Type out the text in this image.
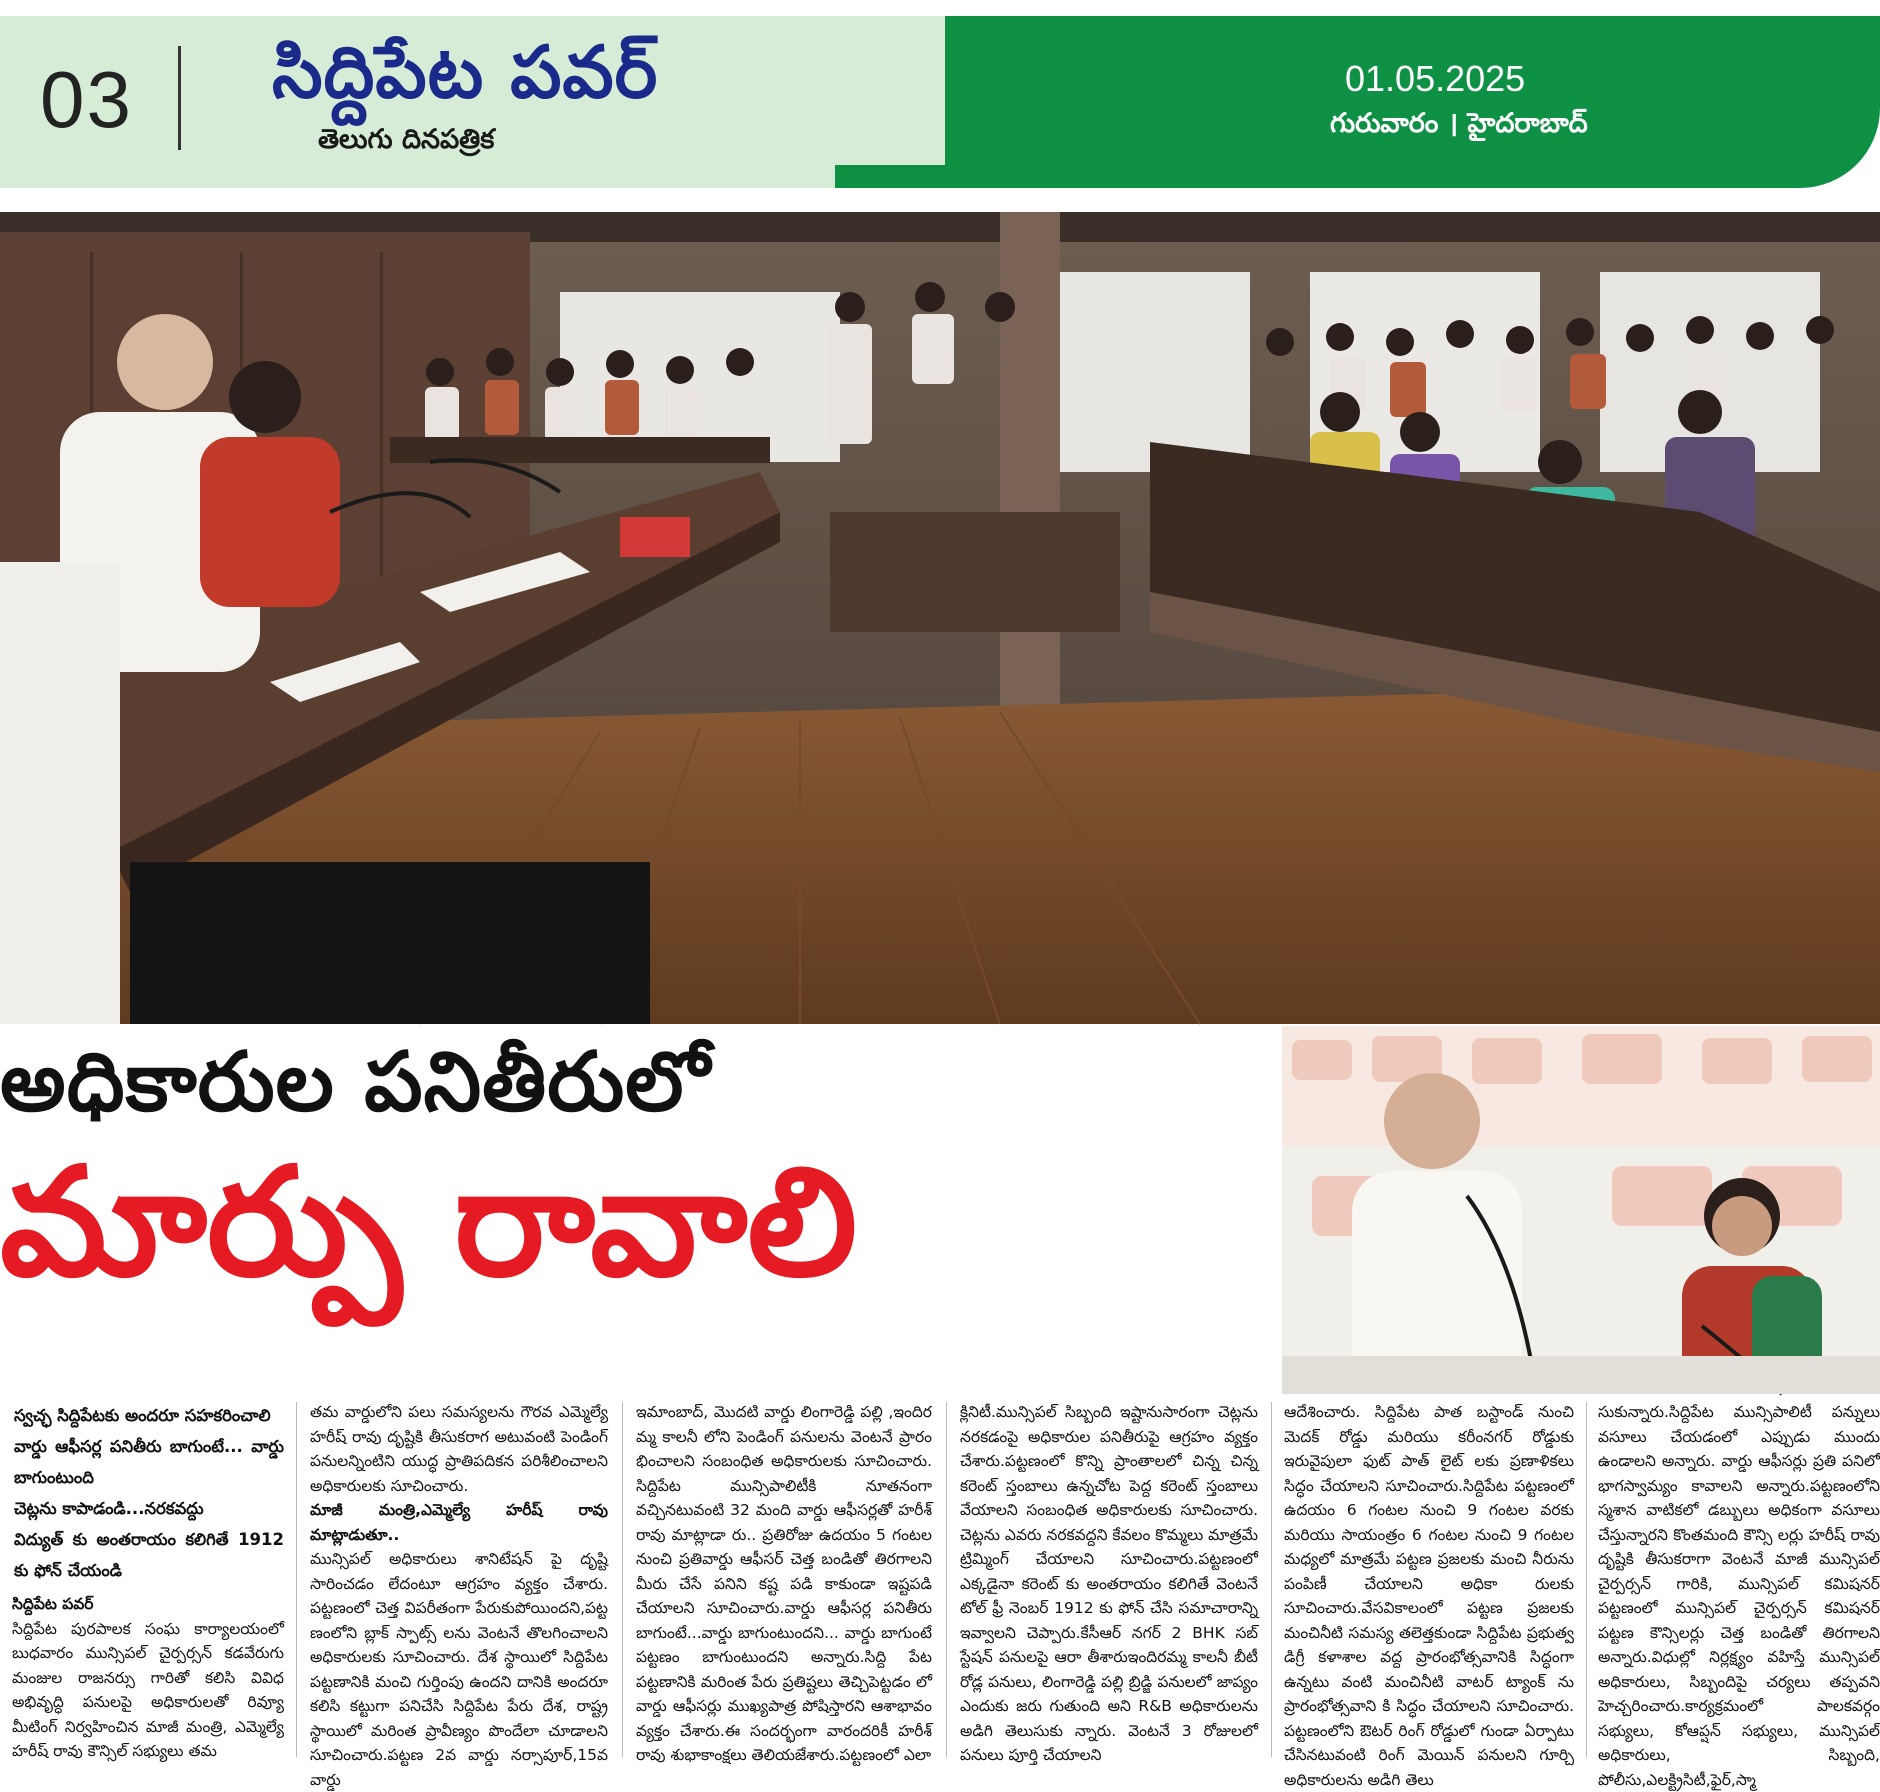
03 సిద్దిపేట పవర్
తెలుగు దినపత్రిక
01.05.2025
గురువారం । హైదరాబాద్
అధికారుల పనితీరులో
మార్పు రావాలి
స్వచ్ఛ సిద్దిపేటకు అందరూ సహకరించాలి
వార్డు ఆఫీసర్ల పనితీరు బాగుంటే... వార్డు బాగుంటుంది
చెట్లను కాపాడండి...నరకవద్దు
విద్యుత్ కు అంతరాయం కలిగితే 1912 కు ఫోన్ చేయండి
సిద్దిపేట పవర్

సిద్దిపేట పురపాలక సంఘ కార్యాలయంలో బుధవారం మున్సిపల్ చైర్పర్సన్ కడవేరుగు మంజుల రాజనర్సు గారితో కలిసి వివిధ అభివృద్ధి పనులపై అధికారులతో రివ్యూ మీటింగ్ నిర్వహించిన మాజీ మంత్రి, ఎమ్మెల్యే హరీష్ రావు కౌన్సిల్ సభ్యులు తమ

తమ వార్డులోని పలు సమస్యలను గౌరవ ఎమ్మెల్యే హరీష్ రావు దృష్టికి తీసుకరాగ అటువంటి పెండింగ్ పనులన్నింటిని యుద్ధ ప్రాతిపదికన పరిశీలించాలని అధికారులకు సూచించారు.

మాజీ మంత్రి,ఎమ్మెల్యే హరీష్ రావు మాట్లాడుతూ..

మున్సిపల్ అధికారులు శానిటేషన్ పై దృష్టి సారించడం లేదంటూ ఆగ్రహం వ్యక్తం చేశారు. పట్టణంలో చెత్త విపరీతంగా పేరుకుపోయిందని,పట్ట ణంలోని బ్లాక్ స్పాట్స్ లను వెంటనే తొలగించాలని అధికారులకు సూచించారు. దేశ స్థాయిలో సిద్దిపేట పట్టణానికి మంచి గుర్తింపు ఉందని దానికి అందరూ కలిసి కట్టుగా పనిచేసి సిద్దిపేట పేరు దేశ, రాష్ట్ర స్థాయిలో మరింత ప్రావీణ్యం పొందేలా చూడాలని సూచించారు.పట్టణ 2వ వార్డు నర్సాపూర్,15వ వార్డు

ఇమాంబాద్, మొదటి వార్డు లింగారెడ్డి పల్లి ,ఇందిర మ్మ కాలనీ లోని పెండింగ్ పనులను వెంటనే ప్రారం భించాలని సంబంధిత అధికారులకు సూచించారు. సిద్దిపేట మున్సిపాలిటీకి నూతనంగా వచ్చినటువంటి 32 మంది వార్డు ఆఫీసర్లతో హరీశ్ రావు మాట్లాడా రు.. ప్రతిరోజు ఉదయం 5 గంటల నుంచి ప్రతివార్డు ఆఫీసర్ చెత్త బండితో తిరగాలని మీరు చేసే పనిని కష్ట పడి కాకుండా ఇష్టపడి చేయాలని సూచించారు.వార్డు ఆఫీసర్ల పనితీరు బాగుంటే...వార్డు బాగుంటుందని... వార్డు బాగుంటే పట్టణం బాగుంటుందని అన్నారు.సిద్ది పేట పట్టణానికి మరింత పేరు ప్రతిష్టలు తెచ్చిపెట్టడం లో వార్డు ఆఫీసర్లు ముఖ్యపాత్ర పోషిస్తారని ఆశాభావం వ్యక్తం చేశారు.ఈ సందర్భంగా వారందరికీ హరీశ్ రావు శుభాకాంక్షలు తెలియజేశారు.పట్టణంలో ఎలా

క్లినిటీ.మున్సిపల్ సిబ్బంది ఇష్టానుసారంగా చెట్లను నరకడంపై అధికారుల పనితీరుపై ఆగ్రహం వ్యక్తం చేశారు.పట్టణంలో కొన్ని ప్రాంతాలలో చిన్న చిన్న కరెంట్ స్తంబాలు ఉన్నచోట పెద్ద కరెంట్ స్తంబాలు వేయాలని సంబంధిత అధికారులకు సూచించారు. చెట్లను ఎవరు నరకవద్దని కేవలం కొమ్మలు మాత్రమే ట్రిమ్మింగ్ చేయాలని సూచించారు.పట్టణంలో ఎక్కడైనా కరెంట్ కు అంతరాయం కలిగితే వెంటనే టోల్ ఫ్రీ నెంబర్ 1912 కు ఫోన్ చేసి సమాచారాన్ని ఇవ్వాలని చెప్పారు.కేసీఆర్ నగర్ 2 BHK సబ్ స్టేషన్ పనులపై ఆరా తీశారుఇందిరమ్మ కాలనీ బీటీ రోడ్ల పనులు, లింగారెడ్డి పల్లి బ్రిడ్జి పనులలో జాప్యం ఎందుకు జరు గుతుంది అని R&B అధికారులను అడిగి తెలుసుకు న్నారు. వెంటనే 3 రోజులలో పనులు పూర్తి చేయాలని

ఆదేశించారు. సిద్దిపేట పాత బస్టాండ్ నుంచి మెదక్ రోడ్డు మరియు కరీంనగర్ రోడ్డుకు ఇరువైపులా ఫుట్ పాత్ లైట్ లకు ప్రణాళికలు సిద్ధం చేయాలని సూచించారు.సిద్దిపేట పట్టణంలో ఉదయం 6 గంటల నుంచి 9 గంటల వరకు మరియు సాయంత్రం 6 గంటల నుంచి 9 గంటల మధ్యలో మాత్రమే పట్టణ ప్రజలకు మంచి నీరును పంపిణీ చేయాలని అధికా రులకు సూచించారు.వేసవికాలంలో పట్టణ ప్రజలకు మంచినీటి సమస్య తలెత్తకుండా సిద్దిపేట ప్రభుత్వ డిగ్రీ కళాశాల వద్ద ప్రారంభోత్సవానికి సిద్ధంగా ఉన్నటు వంటి మంచినీటి వాటర్ ట్యాంక్ ను ప్రారంభోత్సవాని కి సిద్ధం చేయాలని సూచించారు. పట్టణంలోని ఔటర్ రింగ్ రోడ్డులో గుండా ఏర్పాటు చేసినటువంటి రింగ్ మెయిన్ పనులని గూర్చి అధికారులను అడిగి తెలు

సుకున్నారు.సిద్దిపేట మున్సిపాలిటీ పన్నులు వసూలు చేయడంలో ఎప్పుడు ముందు ఉండాలని అన్నారు. వార్డు ఆఫీసర్లు ప్రతి పనిలో భాగస్వామ్యం కావాలని అన్నారు.పట్టణంలోని స్మశాన వాటికలో డబ్బులు అధికంగా వసూలు చేస్తున్నారని కొంతమంది కౌన్సి లర్లు హరీష్ రావు దృష్టికి తీసుకరాగా వెంటనే మాజీ మున్సిపల్ చైర్పర్సన్ గారికి, మున్సిపల్ కమిషనర్ పట్టణంలో మున్సిపల్ చైర్పర్సన్ కమిషనర్ పట్టణ కౌన్సిలర్లు చెత్త బండితో తిరగాలని అన్నారు.విధుల్లో నిర్లక్ష్యం వహిస్తే మున్సిపల్ అధికారులు, సిబ్బందిపై చర్యలు తప్పవని హెచ్చరించారు.కార్యక్రమంలో పాలకవర్గం సభ్యులు, కోఆప్షన్ సభ్యులు, మున్సిపల్ అధికారులు, సిబ్బంది, పోలీసు,ఎలక్ట్రిసిటీ,ఫైర్,స్మా
